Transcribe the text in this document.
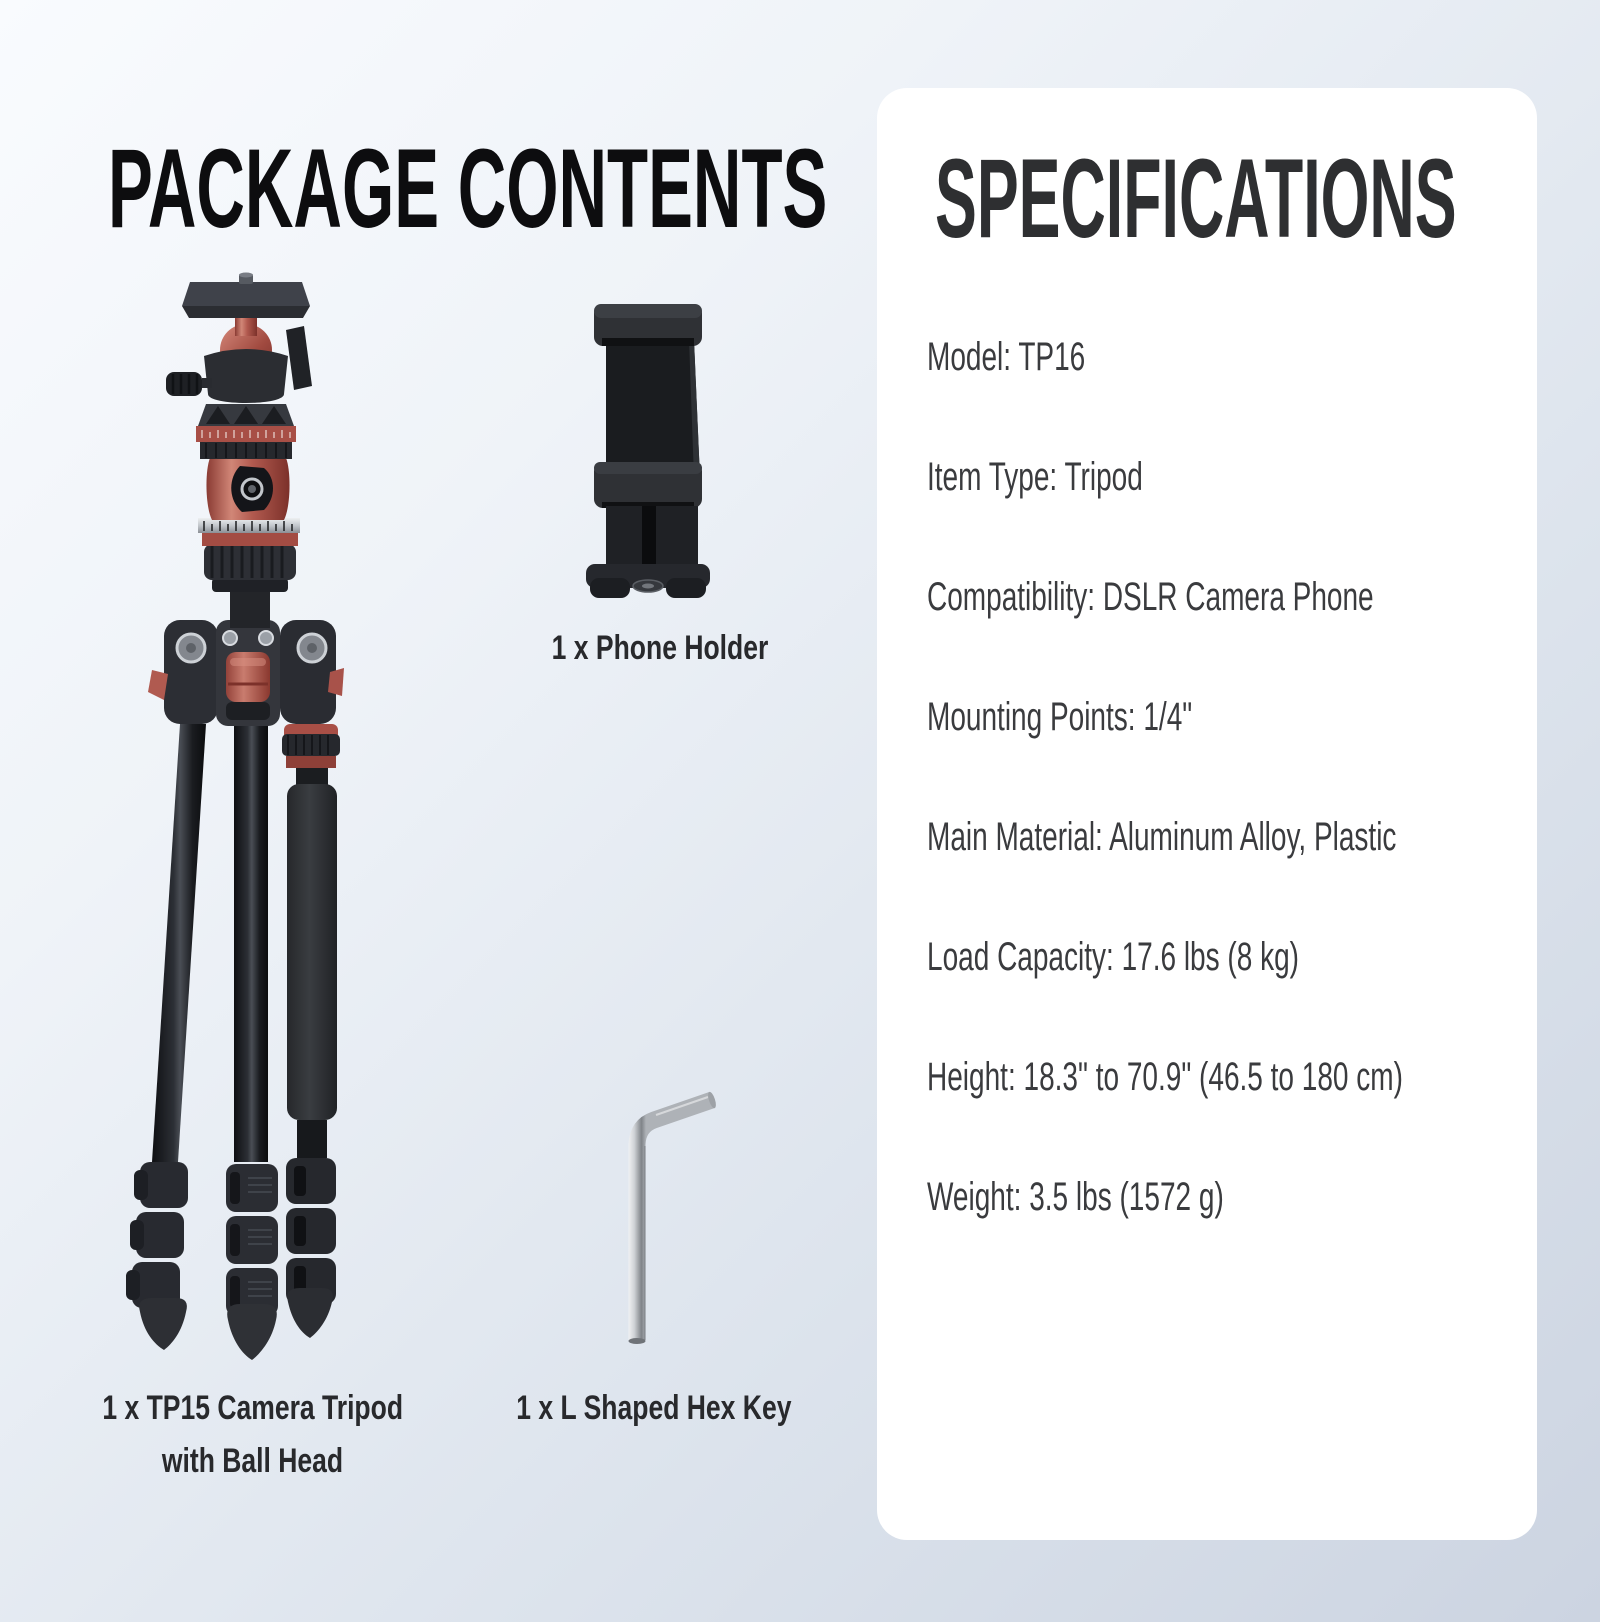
PACKAGE CONTENTS
1 x TP15 Camera Tripod
with Ball Head
1 x Phone Holder
1 x L Shaped Hex Key
SPECIFICATIONS
Model: TP16
Item Type: Tripod
Compatibility: DSLR Camera Phone
Mounting Points: 1/4"
Main Material: Aluminum Alloy, Plastic
Load Capacity: 17.6 lbs (8 kg)
Height: 18.3" to 70.9" (46.5 to 180 cm)
Weight: 3.5 lbs (1572 g)
